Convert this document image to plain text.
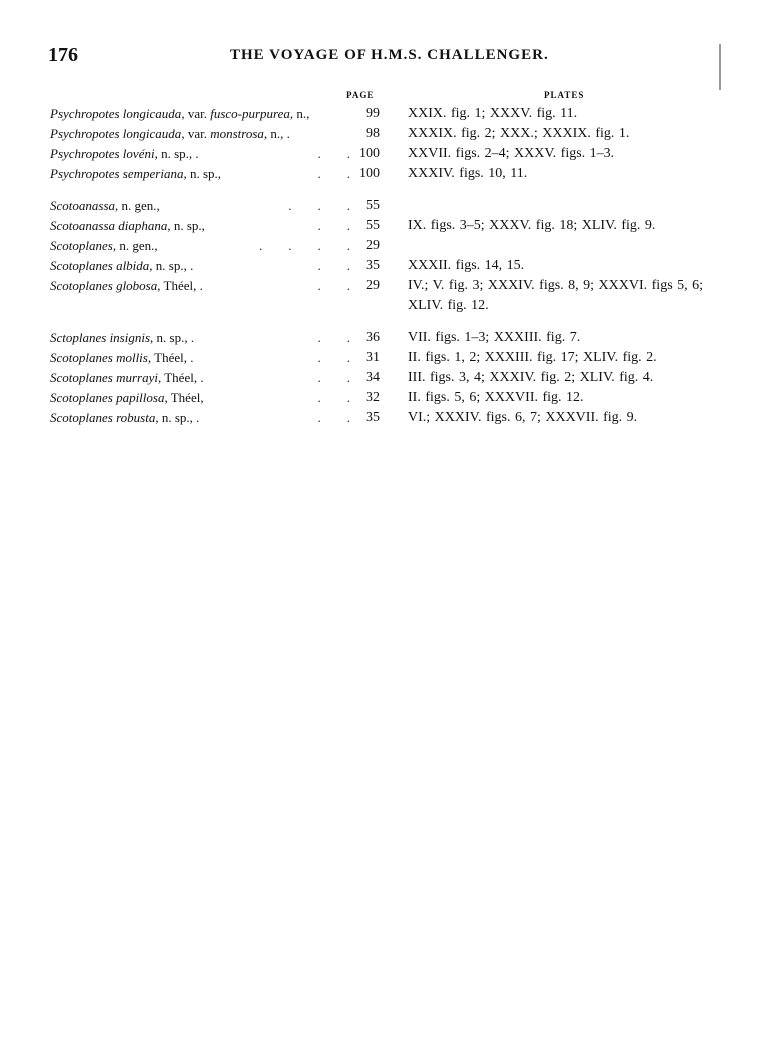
176	THE VOYAGE OF H.M.S. CHALLENGER.
PAGE	PLATES
Psychropotes longicauda, var. fusco-purpurea, n.,	99 XXIX. fig. 1; XXXV. fig. 11.
Psychropotes longicauda, var. monstrosa, n., .	98 XXXIX. fig. 2; XXX.; XXXIX. fig. 1.
Psychropotes lovéni, n. sp., .	.  . 100 XXVII. figs. 2–4; XXXV. figs. 1–3.
Psychropotes semperiana, n. sp.,	.  . 100 XXXIV. figs. 10, 11.
Scotoanassa, n. gen.,	.  .  .	55

Scotoanassa diaphana, n. sp.,	.  .	55 IX. figs. 3–5; XXXV. fig. 18; XLIV. fig. 9.
Scotoplanes, n. gen.,	.  .  .  .	29

Scotoplanes albida, n. sp., .	.  .	35 XXXII. figs. 14, 15.
Scotoplanes globosa, Théel, .	.  .	29 IV.; V. fig. 3; XXXIV. figs. 8, 9; XXXVI. figs 5, 6; XLIV. fig. 12.
Sctoplanes insignis, n. sp., .	.  .	36 VII. figs. 1–3; XXXIII. fig. 7.
Scotoplanes mollis, Théel, .	.  .	31 II. figs. 1, 2; XXXIII. fig. 17; XLIV. fig. 2.
Scotoplanes murrayi, Théel, .	.  .	34 III. figs. 3, 4; XXXIV. fig. 2; XLIV. fig. 4.
Scotoplanes papillosa, Théel,	.  .	32 II. figs. 5, 6; XXXVII. fig. 12.
Scotoplanes robusta, n. sp., .	.  .	35 VI.; XXXIV. figs. 6, 7; XXXVII. fig. 9.
